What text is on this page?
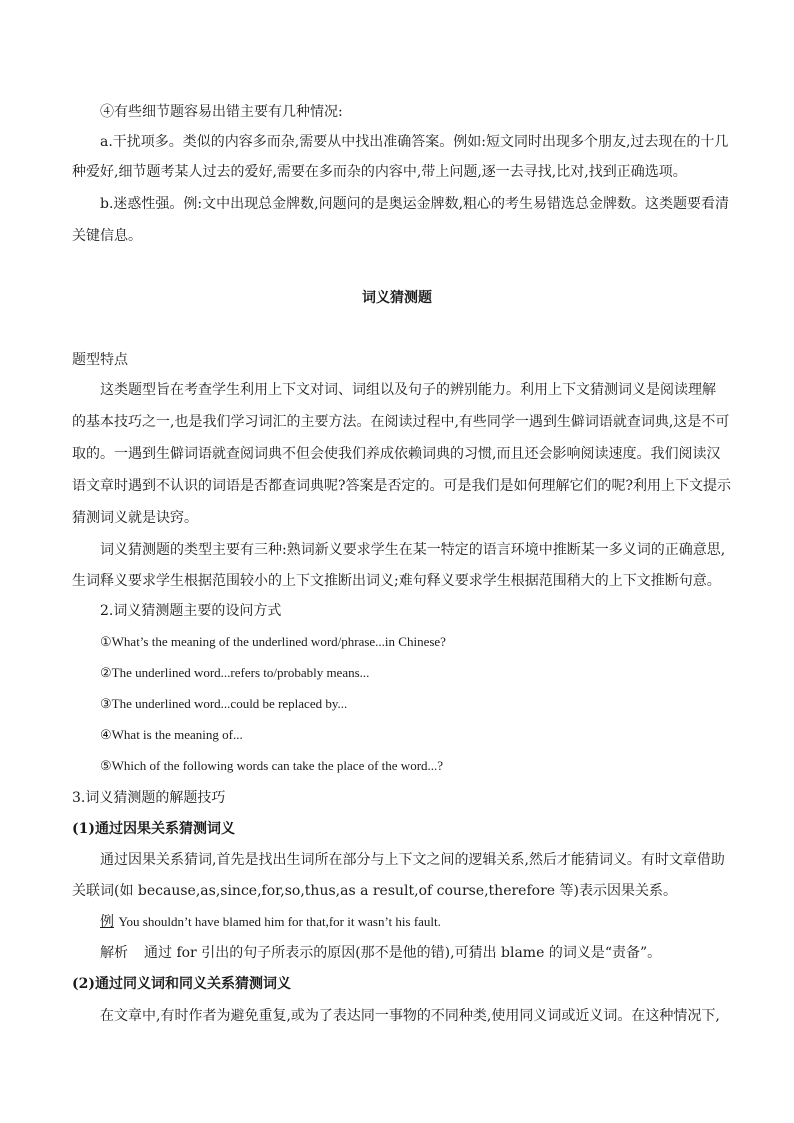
④有些细节题容易出错主要有几种情况:
a.干扰项多。类似的内容多而杂,需要从中找出准确答案。例如:短文同时出现多个朋友,过去现在的十几
种爱好,细节题考某人过去的爱好,需要在多而杂的内容中,带上问题,逐一去寻找,比对,找到正确选项。
b.迷惑性强。例:文中出现总金牌数,问题问的是奥运金牌数,粗心的考生易错选总金牌数。这类题要看清
关键信息。
词义猜测题
题型特点
这类题型旨在考查学生利用上下文对词、词组以及句子的辨别能力。利用上下文猜测词义是阅读理解
的基本技巧之一,也是我们学习词汇的主要方法。在阅读过程中,有些同学一遇到生僻词语就查词典,这是不可
取的。一遇到生僻词语就查阅词典不但会使我们养成依赖词典的习惯,而且还会影响阅读速度。我们阅读汉
语文章时遇到不认识的词语是否都查词典呢?答案是否定的。可是我们是如何理解它们的呢?利用上下文提示
猜测词义就是诀窍。
词义猜测题的类型主要有三种:熟词新义要求学生在某一特定的语言环境中推断某一多义词的正确意思,
生词释义要求学生根据范围较小的上下文推断出词义;难句释义要求学生根据范围稍大的上下文推断句意。
2.词义猜测题主要的设问方式
①What’s the meaning of the underlined word/phrase...in Chinese?
②The underlined word...refers to/probably means...
③The underlined word...could be replaced by...
④What is the meaning of...
⑤Which of the following words can take the place of the word...?
3.词义猜测题的解题技巧
(1)通过因果关系猜测词义
通过因果关系猜词,首先是找出生词所在部分与上下文之间的逻辑关系,然后才能猜词义。有时文章借助
关联词(如 because,as,since,for,so,thus,as a result,of course,therefore 等)表示因果关系。
例 You shouldn’t have blamed him for that,for it wasn’t his fault.
解析 通过 for 引出的句子所表示的原因(那不是他的错),可猜出 blame 的词义是“责备”。
(2)通过同义词和同义关系猜测词义
在文章中,有时作者为避免重复,或为了表达同一事物的不同种类,使用同义词或近义词。在这种情况下,
